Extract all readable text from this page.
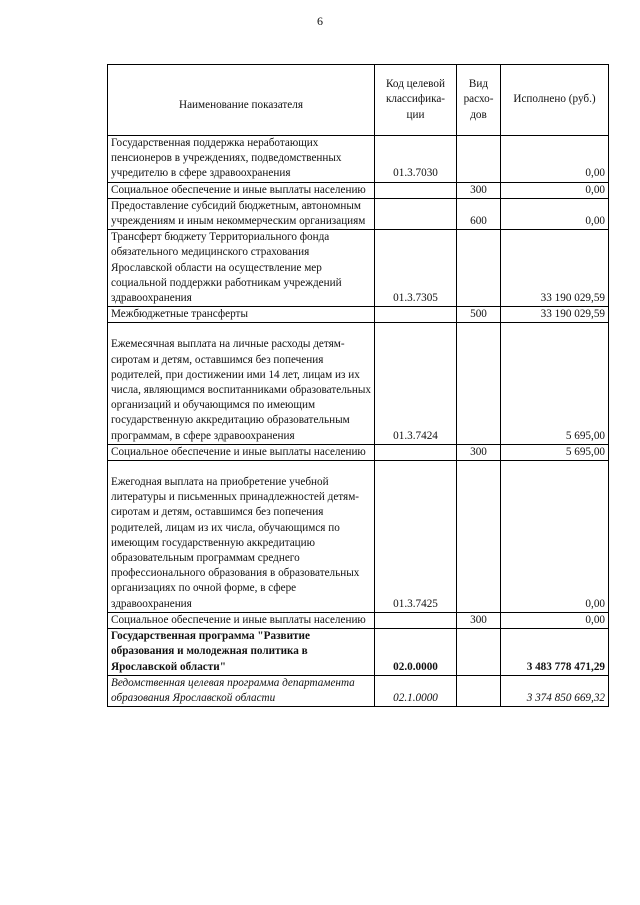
6
Наименование показателя	Код целевой классифика-ции	Вид расхо-дов	Исполнено (руб.)
Государственная поддержка неработающих пенсионеров в учреждениях, подведомственных учредителю в сфере здравоохранения	01.3.7030		0,00
Социальное обеспечение и иные выплаты населению		300	0,00
Предоставление субсидий бюджетным, автономным учреждениям и иным некоммерческим организациям		600	0,00
Трансферт бюджету Территориального фонда обязательного медицинского страхования Ярославской области на осуществление мер социальной поддержки работникам учреждений здравоохранения	01.3.7305		33 190 029,59
Межбюджетные трансферты		500	33 190 029,59
Ежемесячная выплата на личные расходы детям-сиротам и детям, оставшимся без попечения родителей, при достижении ими 14 лет, лицам из их числа, являющимся воспитанниками образовательных организаций и обучающимся по имеющим государственную аккредитацию образовательным программам, в сфере здравоохранения	01.3.7424		5 695,00
Социальное обеспечение и иные выплаты населению		300	5 695,00
Ежегодная выплата на приобретение учебной литературы и письменных принадлежностей детям-сиротам и детям, оставшимся без попечения родителей, лицам из их числа, обучающимся по имеющим государственную аккредитацию образовательным программам среднего профессионального образования в образовательных организациях по очной форме, в сфере здравоохранения	01.3.7425		0,00
Социальное обеспечение и иные выплаты населению		300	0,00
Государственная программа "Развитие образования и молодежная политика в Ярославской области"	02.0.0000		3 483 778 471,29
Ведомственная целевая программа департамента образования Ярославской области	02.1.0000		3 374 850 669,32
